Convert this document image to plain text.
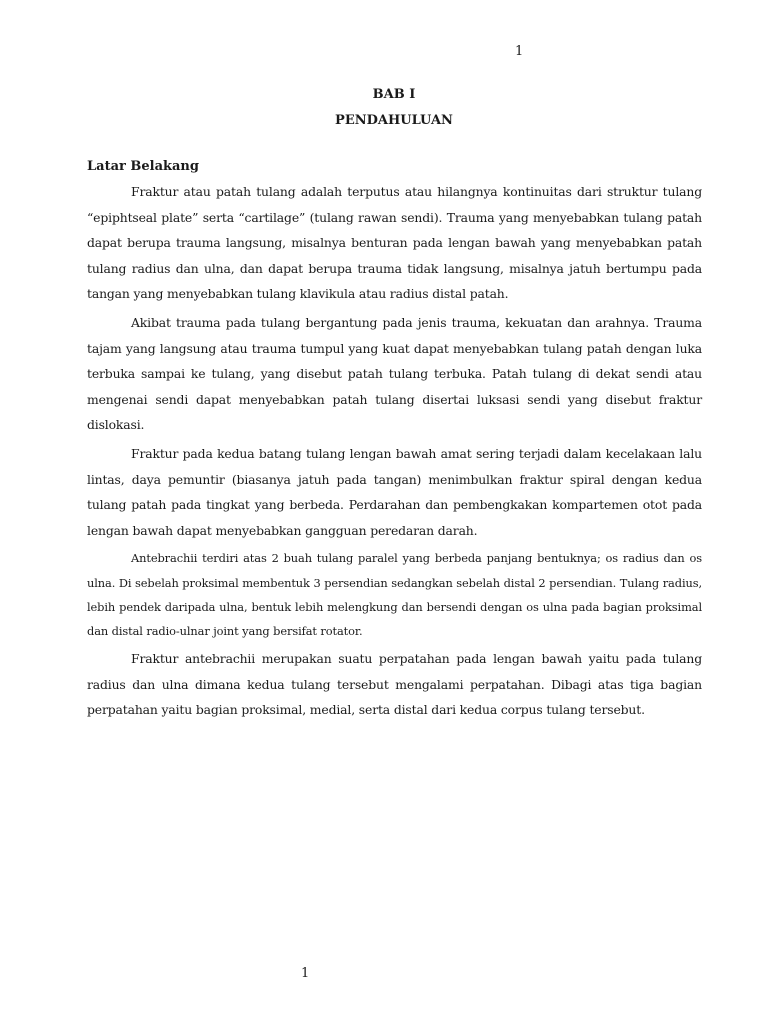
1
BAB I
PENDAHULUAN

Latar Belakang

Fraktur atau patah tulang adalah terputus atau hilangnya kontinuitas dari struktur tulang “epiphtseal plate” serta “cartilage” (tulang rawan sendi). Trauma yang menyebabkan tulang patah dapat berupa trauma langsung, misalnya benturan pada lengan bawah yang menyebabkan patah tulang radius dan ulna, dan dapat berupa trauma tidak langsung, misalnya jatuh bertumpu pada tangan yang menyebabkan tulang klavikula atau radius distal patah.

Akibat trauma pada tulang bergantung pada jenis trauma, kekuatan dan arahnya. Trauma tajam yang langsung atau trauma tumpul yang kuat dapat menyebabkan tulang patah dengan luka terbuka sampai ke tulang, yang disebut patah tulang terbuka. Patah tulang di dekat sendi atau mengenai sendi dapat menyebabkan patah tulang disertai luksasi sendi yang disebut fraktur dislokasi.

Fraktur pada kedua batang tulang lengan bawah amat sering terjadi dalam kecelakaan lalu lintas, daya pemuntir (biasanya jatuh pada tangan) menimbulkan fraktur spiral dengan kedua tulang patah pada tingkat yang berbeda. Perdarahan dan pembengkakan kompartemen otot pada lengan bawah dapat menyebabkan gangguan peredaran darah.

Antebrachii terdiri atas 2 buah tulang paralel yang berbeda panjang bentuknya; os radius dan os ulna. Di sebelah proksimal membentuk 3 persendian sedangkan sebelah distal 2 persendian. Tulang radius, lebih pendek daripada ulna, bentuk lebih melengkung dan bersendi dengan os ulna pada bagian proksimal dan distal radio-ulnar joint yang bersifat rotator.

Fraktur antebrachii merupakan suatu perpatahan pada lengan bawah yaitu pada tulang radius dan ulna dimana kedua tulang tersebut mengalami perpatahan. Dibagi atas tiga bagian perpatahan yaitu bagian proksimal, medial, serta distal dari kedua corpus tulang tersebut.

1
